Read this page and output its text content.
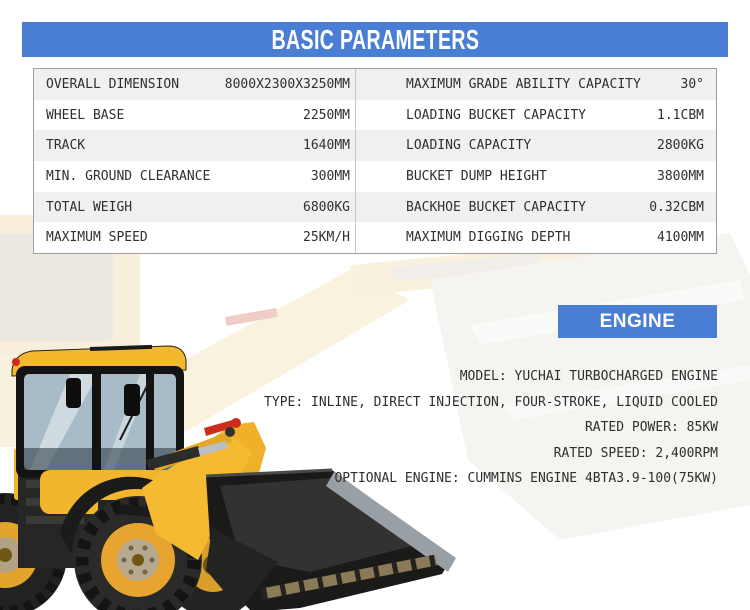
BASIC PARAMETERS
OVERALL DIMENSION	8000X2300X3250MM	MAXIMUM GRADE ABILITY CAPACITY	30°
WHEEL BASE	2250MM	LOADING BUCKET CAPACITY	1.1CBM
TRACK	1640MM	LOADING CAPACITY	2800KG
MIN. GROUND CLEARANCE	300MM	BUCKET DUMP HEIGHT	3800MM
TOTAL WEIGH	6800KG	BACKHOE BUCKET CAPACITY	0.32CBM
MAXIMUM SPEED	25KM/H	MAXIMUM DIGGING DEPTH	4100MM
ENGINE
MODEL: YUCHAI TURBOCHARGED ENGINE
TYPE: INLINE, DIRECT INJECTION, FOUR-STROKE, LIQUID COOLED
RATED POWER: 85KW
RATED SPEED: 2,400RPM
OPTIONAL ENGINE: CUMMINS ENGINE 4BTA3.9-100(75KW)
